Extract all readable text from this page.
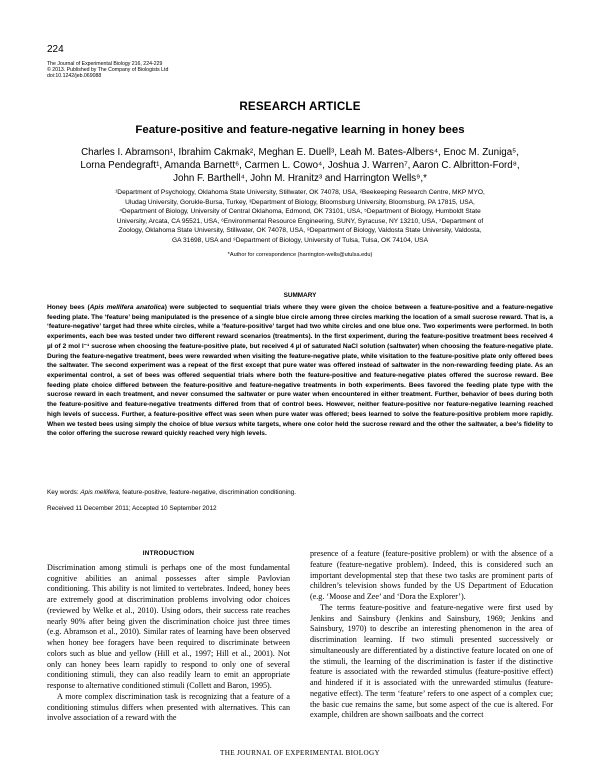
224
The Journal of Experimental Biology 216, 224-229
© 2013. Published by The Company of Biologists Ltd
doi:10.1242/jeb.069088
RESEARCH ARTICLE
Feature-positive and feature-negative learning in honey bees
Charles I. Abramson¹, Ibrahim Cakmak², Meghan E. Duell³, Leah M. Bates-Albers⁴, Enoc M. Zuniga⁵,
Lorna Pendegraft¹, Amanda Barnett⁶, Carmen L. Cowo⁴, Joshua J. Warren⁷, Aaron C. Albritton-Ford⁸,
John F. Barthell⁴, John M. Hranitz³ and Harrington Wells⁹,*
¹Department of Psychology, Oklahoma State University, Stillwater, OK 74078, USA, ²Beekeeping Research Centre, MKP MYO,
Uludag University, Gorukle-Bursa, Turkey, ³Department of Biology, Bloomsburg University, Bloomsburg, PA 17815, USA,
⁴Department of Biology, University of Central Oklahoma, Edmond, OK 73101, USA, ⁵Department of Biology, Humboldt State
University, Arcata, CA 95521, USA, ⁶Environmental Resource Engineering, SUNY, Syracuse, NY 13210, USA, ⁷Department of
Zoology, Oklahoma State University, Stillwater, OK 74078, USA, ⁸Department of Biology, Valdosta State University, Valdosta,
GA 31698, USA and ⁹Department of Biology, University of Tulsa, Tulsa, OK 74104, USA
*Author for correspondence (harrington-wells@utulsa.edu)
SUMMARY

Honey bees (Apis mellifera anatolica) were subjected to sequential trials where they were given the choice between a feature-positive and a feature-negative feeding plate. The ‘feature’ being manipulated is the presence of a single blue circle among three circles marking the location of a small sucrose reward. That is, a ‘feature-negative’ target had three white circles, while a ‘feature-positive’ target had two white circles and one blue one. Two experiments were performed. In both experiments, each bee was tested under two different reward scenarios (treatments). In the first experiment, during the feature-positive treatment bees received 4 µl of 2 mol l⁻¹ sucrose when choosing the feature-positive plate, but received 4 µl of saturated NaCl solution (saltwater) when choosing the feature-negative plate. During the feature-negative treatment, bees were rewarded when visiting the feature-negative plate, while visitation to the feature-positive plate only offered bees the saltwater. The second experiment was a repeat of the first except that pure water was offered instead of saltwater in the non-rewarding feeding plate. As an experimental control, a set of bees was offered sequential trials where both the feature-positive and feature-negative plates offered the sucrose reward. Bee feeding plate choice differed between the feature-positive and feature-negative treatments in both experiments. Bees favored the feeding plate type with the sucrose reward in each treatment, and never consumed the saltwater or pure water when encountered in either treatment. Further, behavior of bees during both the feature-positive and feature-negative treatments differed from that of control bees. However, neither feature-positive nor feature-negative learning reached high levels of success. Further, a feature-positive effect was seen when pure water was offered; bees learned to solve the feature-positive problem more rapidly. When we tested bees using simply the choice of blue versus white targets, where one color held the sucrose reward and the other the saltwater, a bee’s fidelity to the color offering the sucrose reward quickly reached very high levels.

Key words: Apis mellifera, feature-positive, feature-negative, discrimination conditioning.
Received 11 December 2011; Accepted 10 September 2012
INTRODUCTION

Discrimination among stimuli is perhaps one of the most fundamental cognitive abilities an animal possesses after simple Pavlovian conditioning. This ability is not limited to vertebrates. Indeed, honey bees are extremely good at discrimination problems involving odor choices (reviewed by Welke et al., 2010). Using odors, their success rate reaches nearly 90% after being given the discrimination choice just three times (e.g. Abramson et al., 2010). Similar rates of learning have been observed when honey bee foragers have been required to discriminate between colors such as blue and yellow (Hill et al., 1997; Hill et al., 2001). Not only can honey bees learn rapidly to respond to only one of several conditioning stimuli, they can also readily learn to emit an appropriate response to alternative conditioned stimuli (Collett and Baron, 1995).

A more complex discrimination task is recognizing that a feature of a conditioning stimulus differs when presented with alternatives. This can involve association of a reward with the

presence of a feature (feature-positive problem) or with the absence of a feature (feature-negative problem). Indeed, this is considered such an important developmental step that these two tasks are prominent parts of children’s television shows funded by the US Department of Education (e.g. ‘Moose and Zee’ and ‘Dora the Explorer’).

The terms feature-positive and feature-negative were first used by Jenkins and Sainsbury (Jenkins and Sainsbury, 1969; Jenkins and Sainsbury, 1970) to describe an interesting phenomenon in the area of discrimination learning. If two stimuli presented successively or simultaneously are differentiated by a distinctive feature located on one of the stimuli, the learning of the discrimination is faster if the distinctive feature is associated with the rewarded stimulus (feature-positive effect) and hindered if it is associated with the unrewarded stimulus (feature-negative effect). The term ‘feature’ refers to one aspect of a complex cue; the basic cue remains the same, but some aspect of the cue is altered. For example, children are shown sailboats and the correct

THE JOURNAL OF EXPERIMENTAL BIOLOGY
